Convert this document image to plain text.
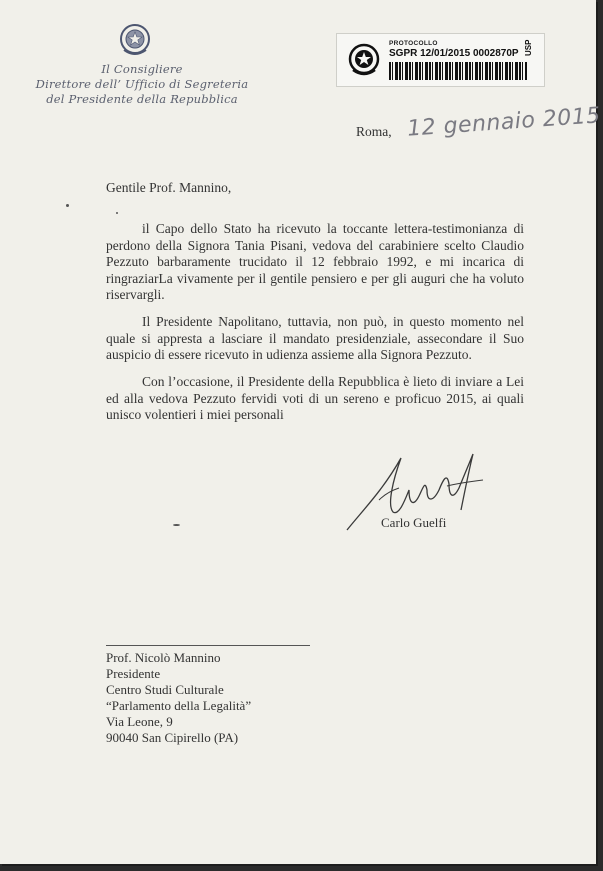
Il Consigliere
Direttore dell’ Ufficio di Segreteria
del Presidente della Repubblica
PROTOCOLLO
SGPR 12/01/2015 0002870P USP
Roma, 12 gennaio 2015
Gentile Prof. Mannino,

il Capo dello Stato ha ricevuto la toccante lettera-testimonianza di perdono della Signora Tania Pisani, vedova del carabiniere scelto Claudio Pezzuto barbaramente trucidato il 12 febbraio 1992, e mi incarica di ringraziarLa vivamente per il gentile pensiero e per gli auguri che ha voluto riservargli.

Il Presidente Napolitano, tuttavia, non può, in questo momento nel quale si appresta a lasciare il mandato presidenziale, assecondare il Suo auspicio di essere ricevuto in udienza assieme alla Signora Pezzuto.

Con l’occasione, il Presidente della Repubblica è lieto di inviare a Lei ed alla vedova Pezzuto fervidi voti di un sereno e proficuo 2015, ai quali unisco volentieri i miei personali

Carlo Guelfi
Prof. Nicolò Mannino
Presidente
Centro Studi Culturale
“Parlamento della Legalità”
Via Leone, 9
90040 San Cipirello (PA)
